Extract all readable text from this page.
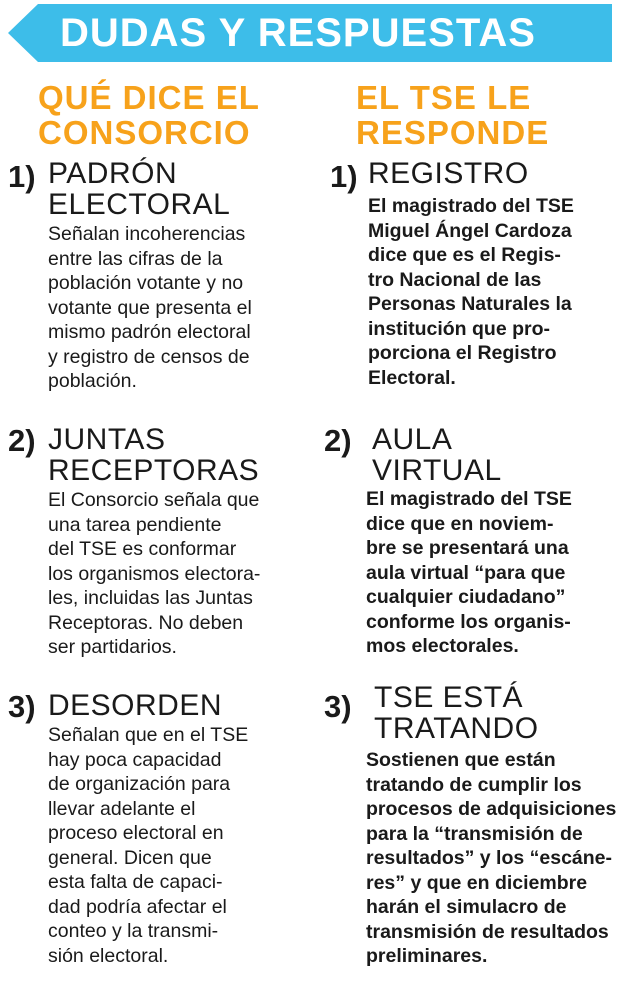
DUDAS Y RESPUESTAS
QUÉ DICE EL
CONSORCIO
EL TSE LE
RESPONDE
1) PADRÓN
ELECTORAL
Señalan incoherencias
entre las cifras de la
población votante y no
votante que presenta el
mismo padrón electoral
y registro de censos de
población.
2) JUNTAS
RECEPTORAS
El Consorcio señala que
una tarea pendiente
del TSE es conformar
los organismos electora-
les, incluidas las Juntas
Receptoras. No deben
ser partidarios.
3) DESORDEN
Señalan que en el TSE
hay poca capacidad
de organización para
llevar adelante el
proceso electoral en
general. Dicen que
esta falta de capaci-
dad podría afectar el
conteo y la transmi-
sión electoral.
1) REGISTRO
El magistrado del TSE
Miguel Ángel Cardoza
dice que es el Regis-
tro Nacional de las
Personas Naturales la
institución que pro-
porciona el Registro
Electoral.
2) AULA
VIRTUAL
El magistrado del TSE
dice que en noviem-
bre se presentará una
aula virtual “para que
cualquier ciudadano”
conforme los organis-
mos electorales.
3) TSE ESTÁ
TRATANDO
Sostienen que están
tratando de cumplir los
procesos de adquisiciones
para la “transmisión de
resultados” y los “escáne-
res” y que en diciembre
harán el simulacro de
transmisión de resultados
preliminares.
